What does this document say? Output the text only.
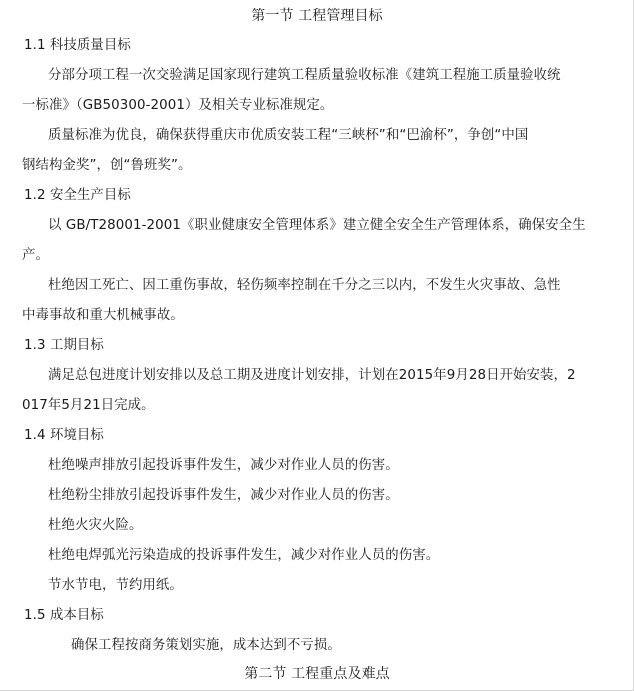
第一节 工程管理目标
1.1 科技质量目标
分部分项工程一次交验满足国家现行建筑工程质量验收标准《建筑工程施工质量验收统
一标准》（GB50300-2001）及相关专业标准规定。
质量标准为优良，确保获得重庆市优质安装工程“三峡杯”和“巴渝杯”，争创“中国
钢结构金奖”，创“鲁班奖”。
1.2 安全生产目标
以 GB/T28001-2001《职业健康安全管理体系》建立健全安全生产管理体系，确保安全生
产。
杜绝因工死亡、因工重伤事故，轻伤频率控制在千分之三以内，不发生火灾事故、急性
中毒事故和重大机械事故。
1.3 工期目标
满足总包进度计划安排以及总工期及进度计划安排，计划在2015年9月28日开始安装，2
017年5月21日完成。
1.4 环境目标
杜绝噪声排放引起投诉事件发生，减少对作业人员的伤害。
杜绝粉尘排放引起投诉事件发生，减少对作业人员的伤害。
杜绝火灾火险。
杜绝电焊弧光污染造成的投诉事件发生，减少对作业人员的伤害。
节水节电，节约用纸。
1.5 成本目标
确保工程按商务策划实施，成本达到不亏损。
第二节 工程重点及难点
